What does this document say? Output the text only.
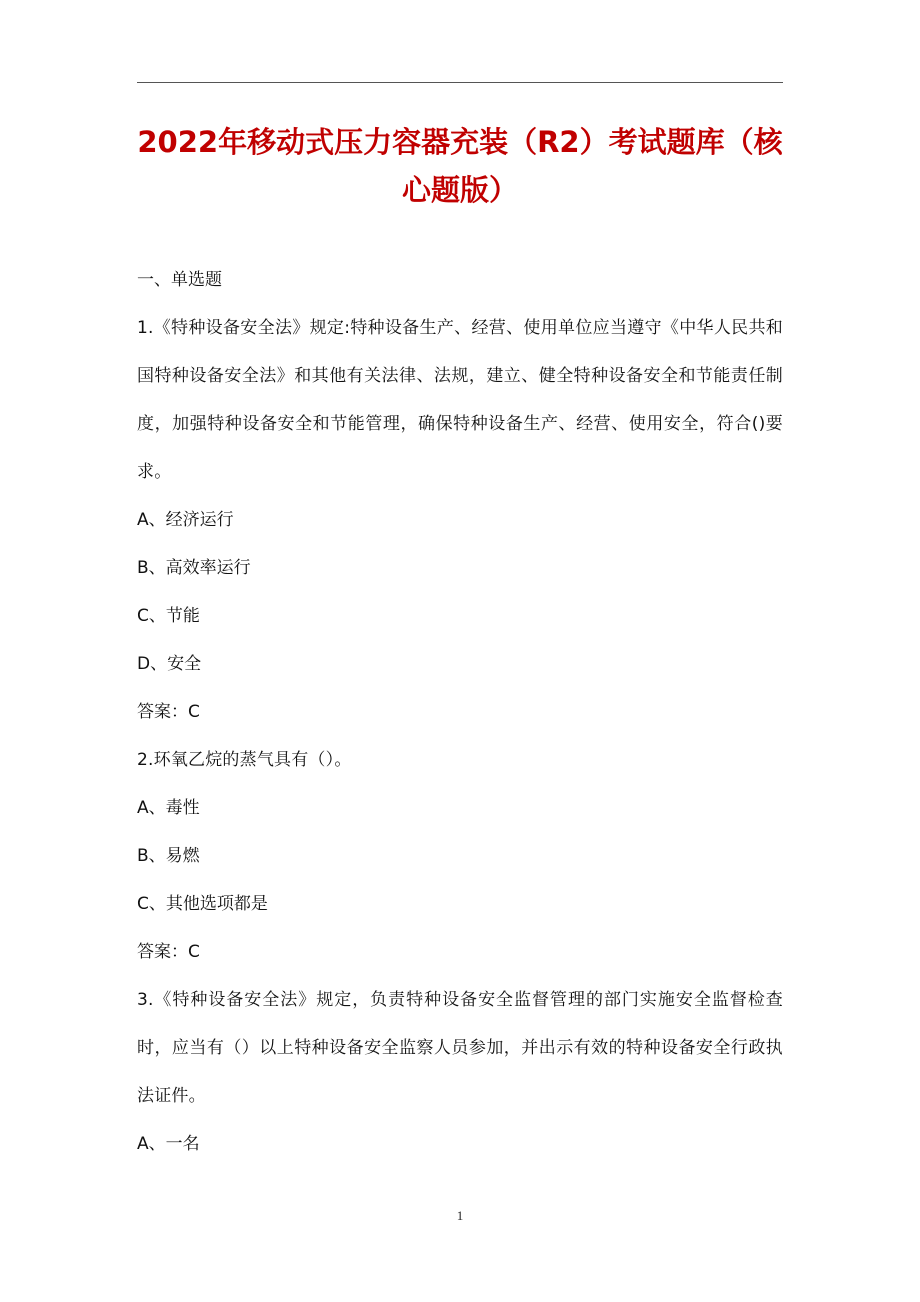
2022年移动式压力容器充装（R2）考试题库（核心题版）

一、单选题

1.《特种设备安全法》规定:特种设备生产、经营、使用单位应当遵守《中华人民共和国特种设备安全法》和其他有关法律、法规，建立、健全特种设备安全和节能责任制度，加强特种设备安全和节能管理，确保特种设备生产、经营、使用安全，符合()要求。

A、经济运行

B、高效率运行

C、节能

D、安全

答案：C

2.环氧乙烷的蒸气具有（）。

A、毒性

B、易燃

C、其他选项都是

答案：C

3.《特种设备安全法》规定，负责特种设备安全监督管理的部门实施安全监督检查时，应当有（）以上特种设备安全监察人员参加，并出示有效的特种设备安全行政执法证件。

A、一名

1
